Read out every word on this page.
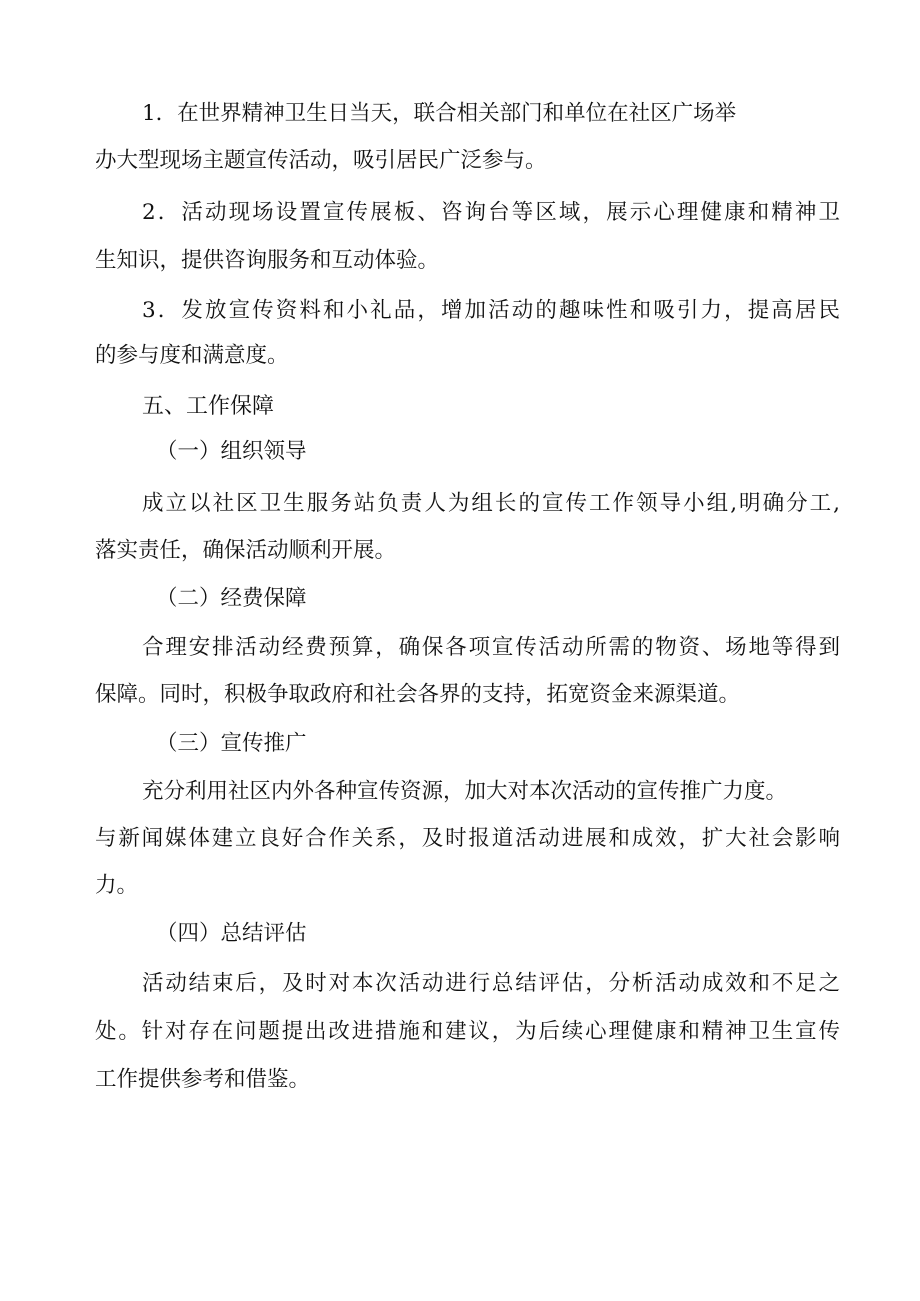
1．在世界精神卫生日当天，联合相关部门和单位在社区广场举
办大型现场主题宣传活动，吸引居民广泛参与。
2．活动现场设置宣传展板、咨询台等区域，展示心理健康和精神卫
生知识，提供咨询服务和互动体验。
3．发放宣传资料和小礼品，增加活动的趣味性和吸引力，提高居民
的参与度和满意度。
五、工作保障
（一）组织领导
成立以社区卫生服务站负责人为组长的宣传工作领导小组,明确分工,
落实责任，确保活动顺利开展。
（二）经费保障
合理安排活动经费预算，确保各项宣传活动所需的物资、场地等得到
保障。同时，积极争取政府和社会各界的支持，拓宽资金来源渠道。
（三）宣传推广
充分利用社区内外各种宣传资源，加大对本次活动的宣传推广力度。
与新闻媒体建立良好合作关系，及时报道活动进展和成效，扩大社会影响
力。
（四）总结评估
活动结束后，及时对本次活动进行总结评估，分析活动成效和不足之
处。针对存在问题提出改进措施和建议，为后续心理健康和精神卫生宣传
工作提供参考和借鉴。
